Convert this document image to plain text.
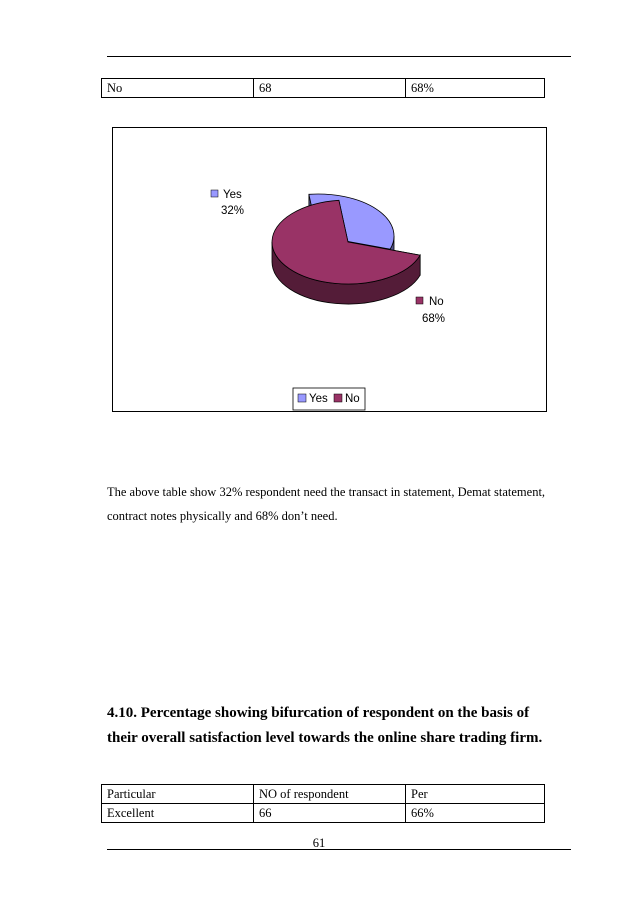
No	68	68%
Yes
32%
No
68%
Yes No
The above table show 32% respondent need the transact in statement, Demat statement,
contract notes physically and 68% don’t need.
4.10. Percentage showing bifurcation of respondent on the basis of
their overall satisfaction level towards the online share trading firm.
Particular	NO of respondent	Per
Excellent	66	66%
61
